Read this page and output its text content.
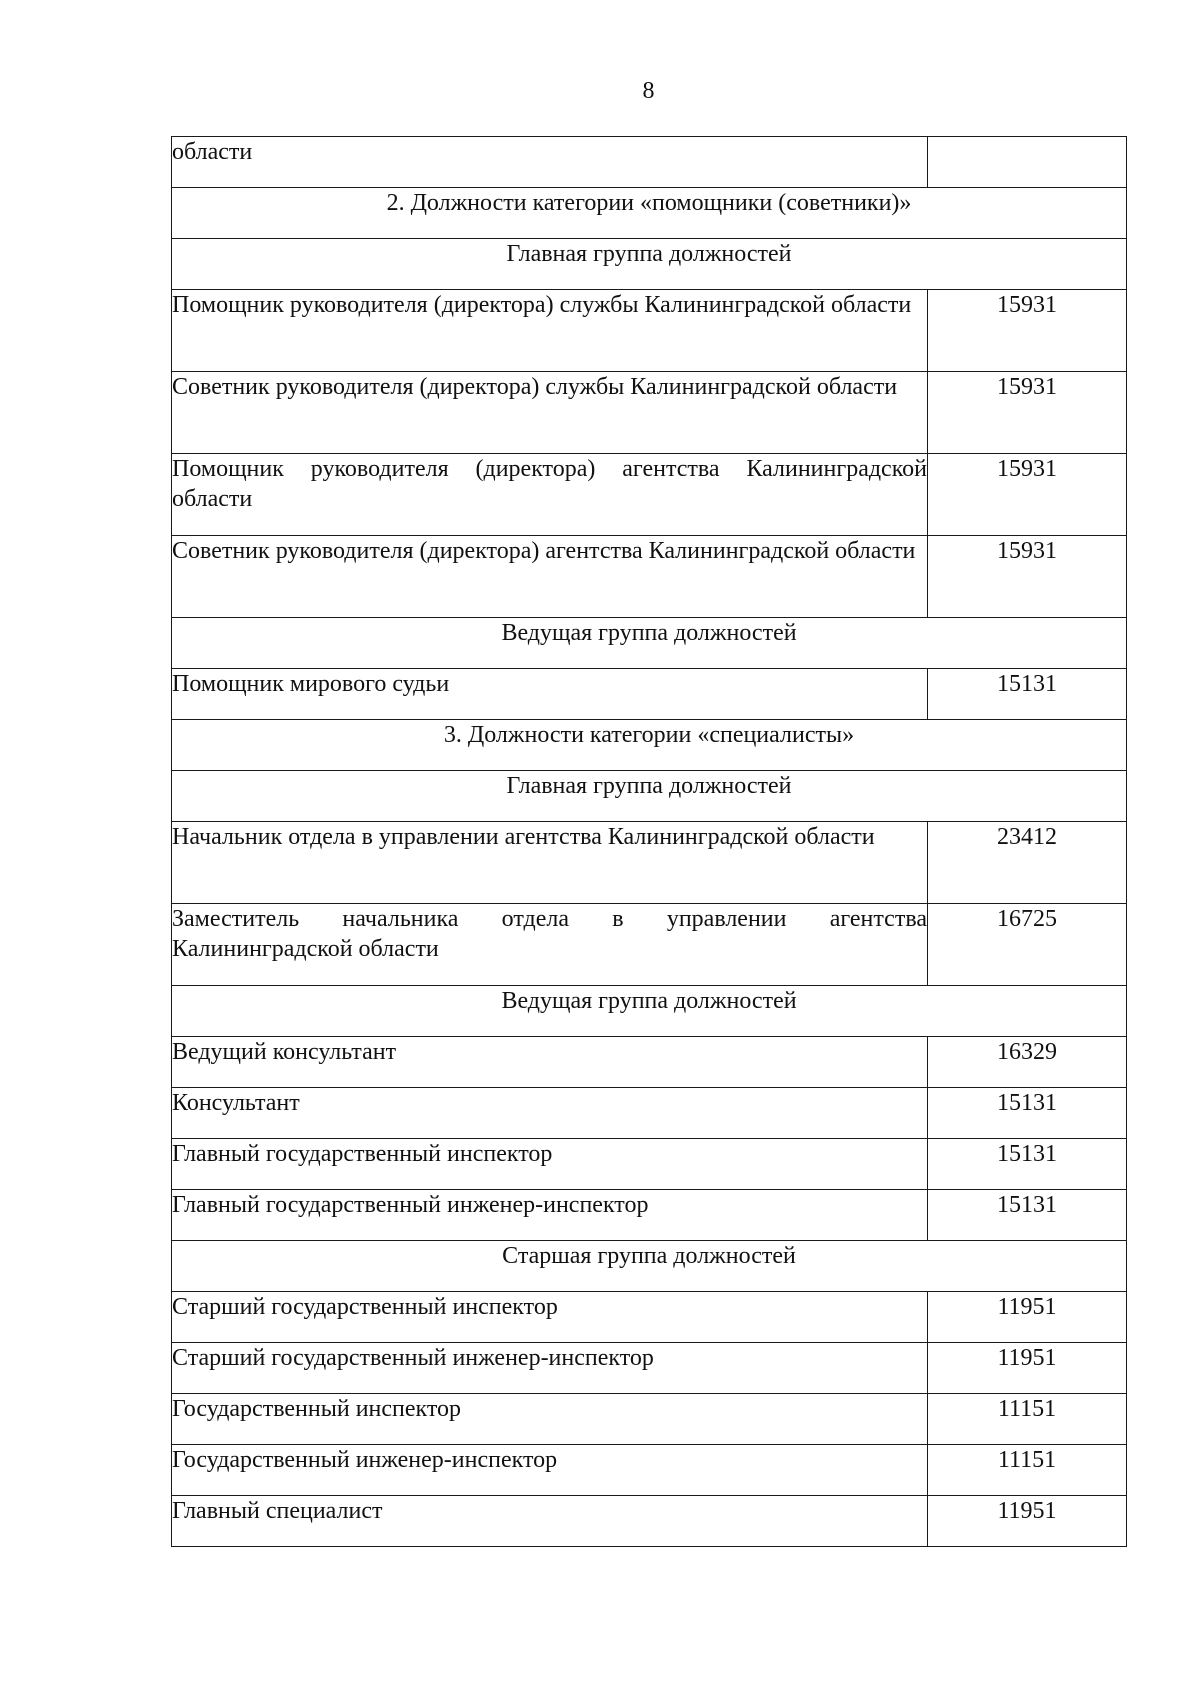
8
области	
2. Должности категории «помощники (советники)»	
Главная группа должностей	
Помощник руководителя (директора) службы Калининградской области	15931
Советник руководителя (директора) службы Калининградской области	15931
Помощник руководителя (директора) агентства Калининградской области	15931
Советник руководителя (директора) агентства Калининградской области	15931
Ведущая группа должностей	
Помощник мирового судьи	15131
3. Должности категории «специалисты»	
Главная группа должностей	
Начальник отдела в управлении агентства Калининградской области	23412
Заместитель начальника отдела в управлении агентства Калининградской области	16725
Ведущая группа должностей	
Ведущий консультант	16329
Консультант	15131
Главный государственный инспектор	15131
Главный государственный инженер-инспектор	15131
Старшая группа должностей	
Старший государственный инспектор	11951
Старший государственный инженер-инспектор	11951
Государственный инспектор	11151
Государственный инженер-инспектор	11151
Главный специалист	11951
